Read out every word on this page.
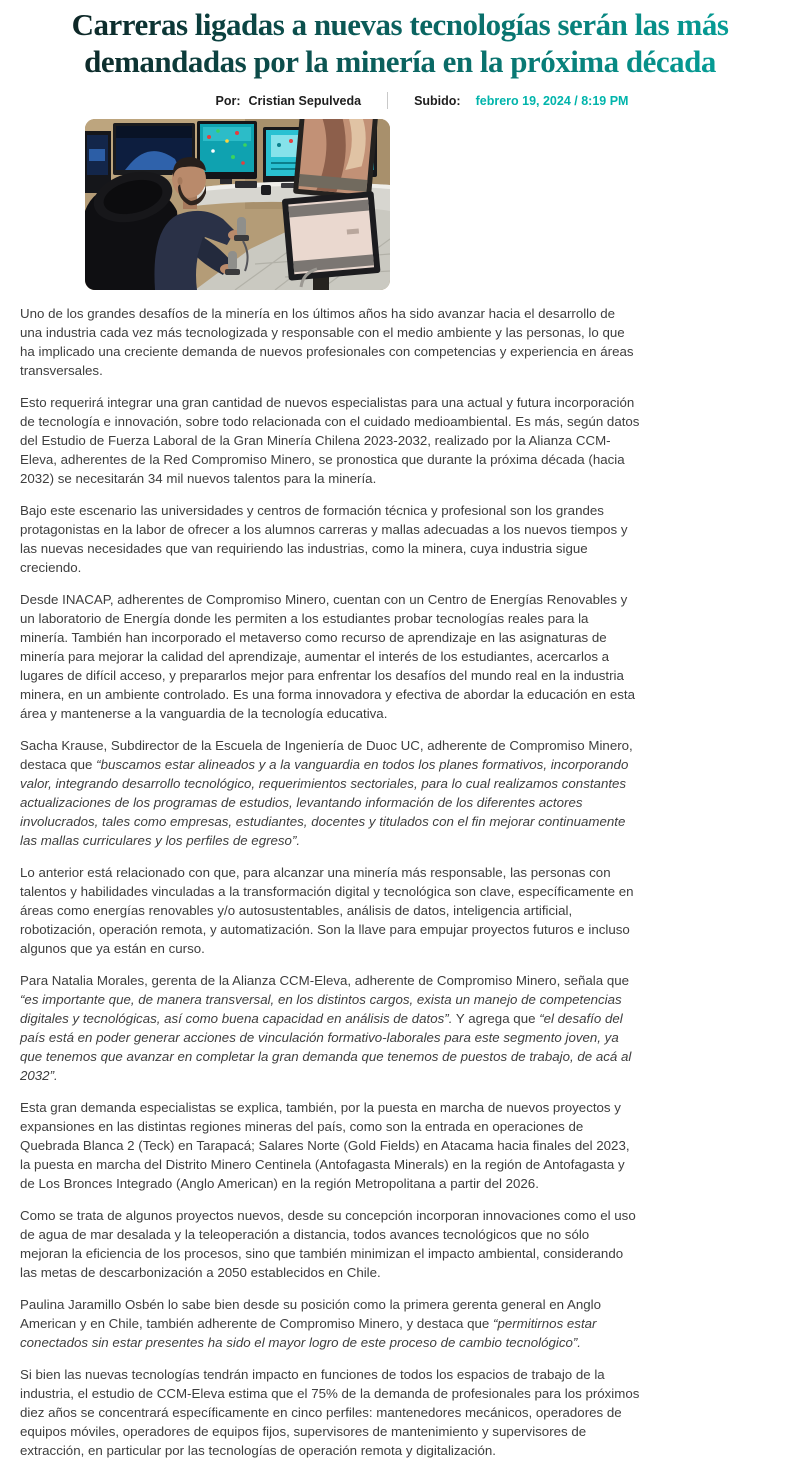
Carreras ligadas a nuevas tecnologías serán las más
demandadas por la minería en la próxima década
Por: Cristian Sepulveda	Subido: febrero 19, 2024 / 8:19 PM

Uno de los grandes desafíos de la minería en los últimos años ha sido avanzar hacia el desarrollo de una industria cada vez más tecnologizada y responsable con el medio ambiente y las personas, lo que ha implicado una creciente demanda de nuevos profesionales con competencias y experiencia en áreas transversales.

Esto requerirá integrar una gran cantidad de nuevos especialistas para una actual y futura incorporación de tecnología e innovación, sobre todo relacionada con el cuidado medioambiental. Es más, según datos del Estudio de Fuerza Laboral de la Gran Minería Chilena 2023-2032, realizado por la Alianza CCM-Eleva, adherentes de la Red Compromiso Minero, se pronostica que durante la próxima década (hacia 2032) se necesitarán 34 mil nuevos talentos para la minería.

Bajo este escenario las universidades y centros de formación técnica y profesional son los grandes protagonistas en la labor de ofrecer a los alumnos carreras y mallas adecuadas a los nuevos tiempos y las nuevas necesidades que van requiriendo las industrias, como la minera, cuya industria sigue creciendo.

Desde INACAP, adherentes de Compromiso Minero, cuentan con un Centro de Energías Renovables y un laboratorio de Energía donde les permiten a los estudiantes probar tecnologías reales para la minería. También han incorporado el metaverso como recurso de aprendizaje en las asignaturas de minería para mejorar la calidad del aprendizaje, aumentar el interés de los estudiantes, acercarlos a lugares de difícil acceso, y prepararlos mejor para enfrentar los desafíos del mundo real en la industria minera, en un ambiente controlado. Es una forma innovadora y efectiva de abordar la educación en esta área y mantenerse a la vanguardia de la tecnología educativa.

Sacha Krause, Subdirector de la Escuela de Ingeniería de Duoc UC, adherente de Compromiso Minero, destaca que “buscamos estar alineados y a la vanguardia en todos los planes formativos, incorporando valor, integrando desarrollo tecnológico, requerimientos sectoriales, para lo cual realizamos constantes actualizaciones de los programas de estudios, levantando información de los diferentes actores involucrados, tales como empresas, estudiantes, docentes y titulados con el fin mejorar continuamente las mallas curriculares y los perfiles de egreso”.

Lo anterior está relacionado con que, para alcanzar una minería más responsable, las personas con talentos y habilidades vinculadas a la transformación digital y tecnológica son clave, específicamente en áreas como energías renovables y/o autosustentables, análisis de datos, inteligencia artificial, robotización, operación remota, y automatización. Son la llave para empujar proyectos futuros e incluso algunos que ya están en curso.

Para Natalia Morales, gerenta de la Alianza CCM-Eleva, adherente de Compromiso Minero, señala que “es importante que, de manera transversal, en los distintos cargos, exista un manejo de competencias digitales y tecnológicas, así como buena capacidad en análisis de datos”. Y agrega que “el desafío del país está en poder generar acciones de vinculación formativo-laborales para este segmento joven, ya que tenemos que avanzar en completar la gran demanda que tenemos de puestos de trabajo, de acá al 2032”.

Esta gran demanda especialistas se explica, también, por la puesta en marcha de nuevos proyectos y expansiones en las distintas regiones mineras del país, como son la entrada en operaciones de Quebrada Blanca 2 (Teck) en Tarapacá; Salares Norte (Gold Fields) en Atacama hacia finales del 2023, la puesta en marcha del Distrito Minero Centinela (Antofagasta Minerals) en la región de Antofagasta y de Los Bronces Integrado (Anglo American) en la región Metropolitana a partir del 2026.

Como se trata de algunos proyectos nuevos, desde su concepción incorporan innovaciones como el uso de agua de mar desalada y la teleoperación a distancia, todos avances tecnológicos que no sólo mejoran la eficiencia de los procesos, sino que también minimizan el impacto ambiental, considerando las metas de descarbonización a 2050 establecidos en Chile.

Paulina Jaramillo Osbén lo sabe bien desde su posición como la primera gerenta general en Anglo American y en Chile, también adherente de Compromiso Minero, y destaca que “permitirnos estar conectados sin estar presentes ha sido el mayor logro de este proceso de cambio tecnológico”.

Si bien las nuevas tecnologías tendrán impacto en funciones de todos los espacios de trabajo de la industria, el estudio de CCM-Eleva estima que el 75% de la demanda de profesionales para los próximos diez años se concentrará específicamente en cinco perfiles: mantenedores mecánicos, operadores de equipos móviles, operadores de equipos fijos, supervisores de mantenimiento y supervisores de extracción, en particular por las tecnologías de operación remota y digitalización.
